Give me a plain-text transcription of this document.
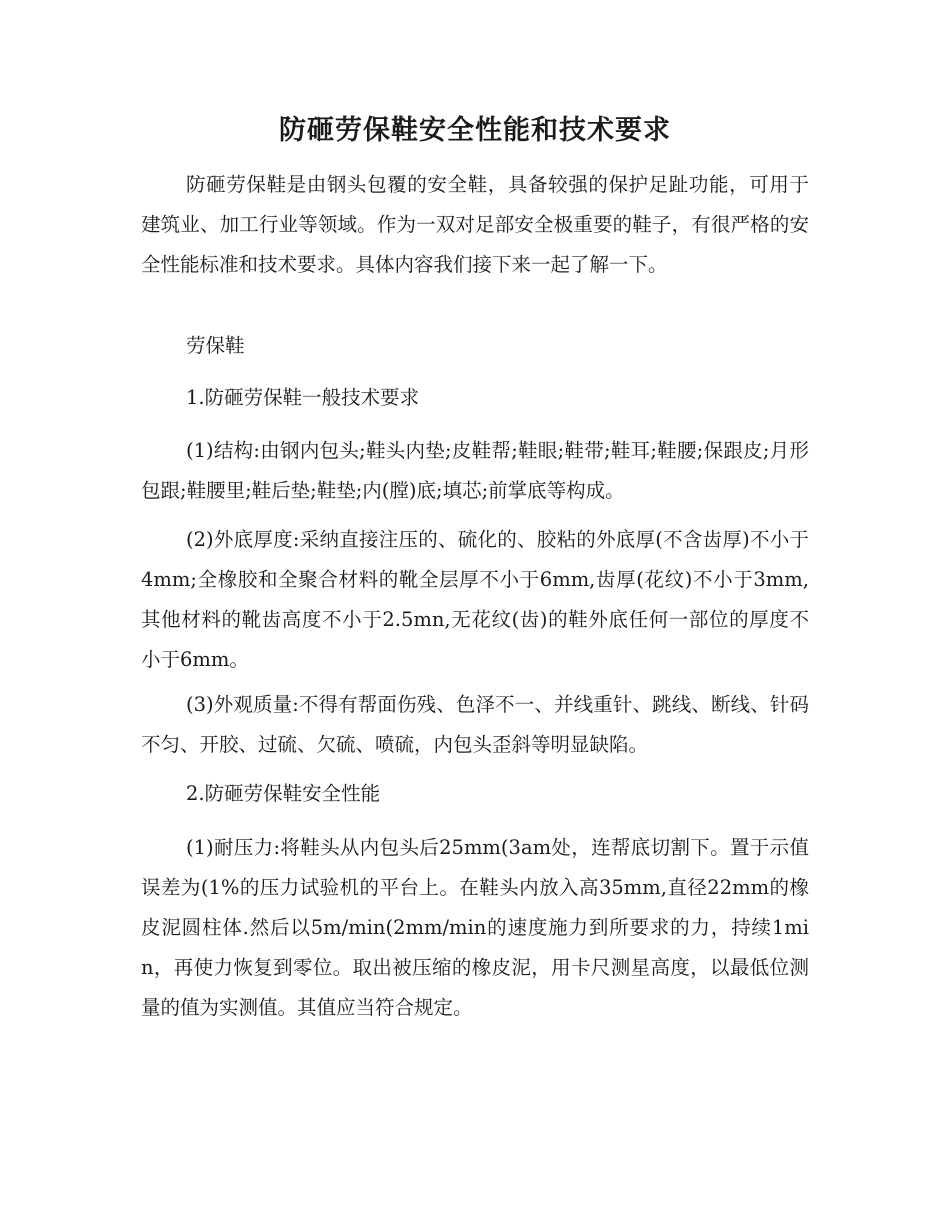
防砸劳保鞋安全性能和技术要求

防砸劳保鞋是由钢头包覆的安全鞋，具备较强的保护足趾功能，可用于建筑业、加工行业等领域。作为一双对足部安全极重要的鞋子，有很严格的安全性能标准和技术要求。具体内容我们接下来一起了解一下。

劳保鞋

1.防砸劳保鞋一般技术要求

(1)结构:由钢内包头;鞋头内垫;皮鞋帮;鞋眼;鞋带;鞋耳;鞋腰;保跟皮;月形包跟;鞋腰里;鞋后垫;鞋垫;内(膛)底;填芯;前掌底等构成。

(2)外底厚度:采纳直接注压的、硫化的、胶粘的外底厚(不含齿厚)不小于4mm;全橡胶和全聚合材料的靴全层厚不小于6mm,齿厚(花纹)不小于3mm,其他材料的靴齿高度不小于2.5mn,无花纹(齿)的鞋外底任何一部位的厚度不小于6mm。

(3)外观质量:不得有帮面伤残、色泽不一、并线重针、跳线、断线、针码不匀、开胶、过硫、欠硫、喷硫，内包头歪斜等明显缺陷。

2.防砸劳保鞋安全性能

(1)耐压力:将鞋头从内包头后25mm(3am处，连帮底切割下。置于示值误差为(1%的压力试验机的平台上。在鞋头内放入高35mm,直径22mm的橡皮泥圆柱体.然后以5m/min(2mm/min的速度施力到所要求的力，持续1min，再使力恢复到零位。取出被压缩的橡皮泥，用卡尺测星高度，以最低位测量的值为实测值。其值应当符合规定。
